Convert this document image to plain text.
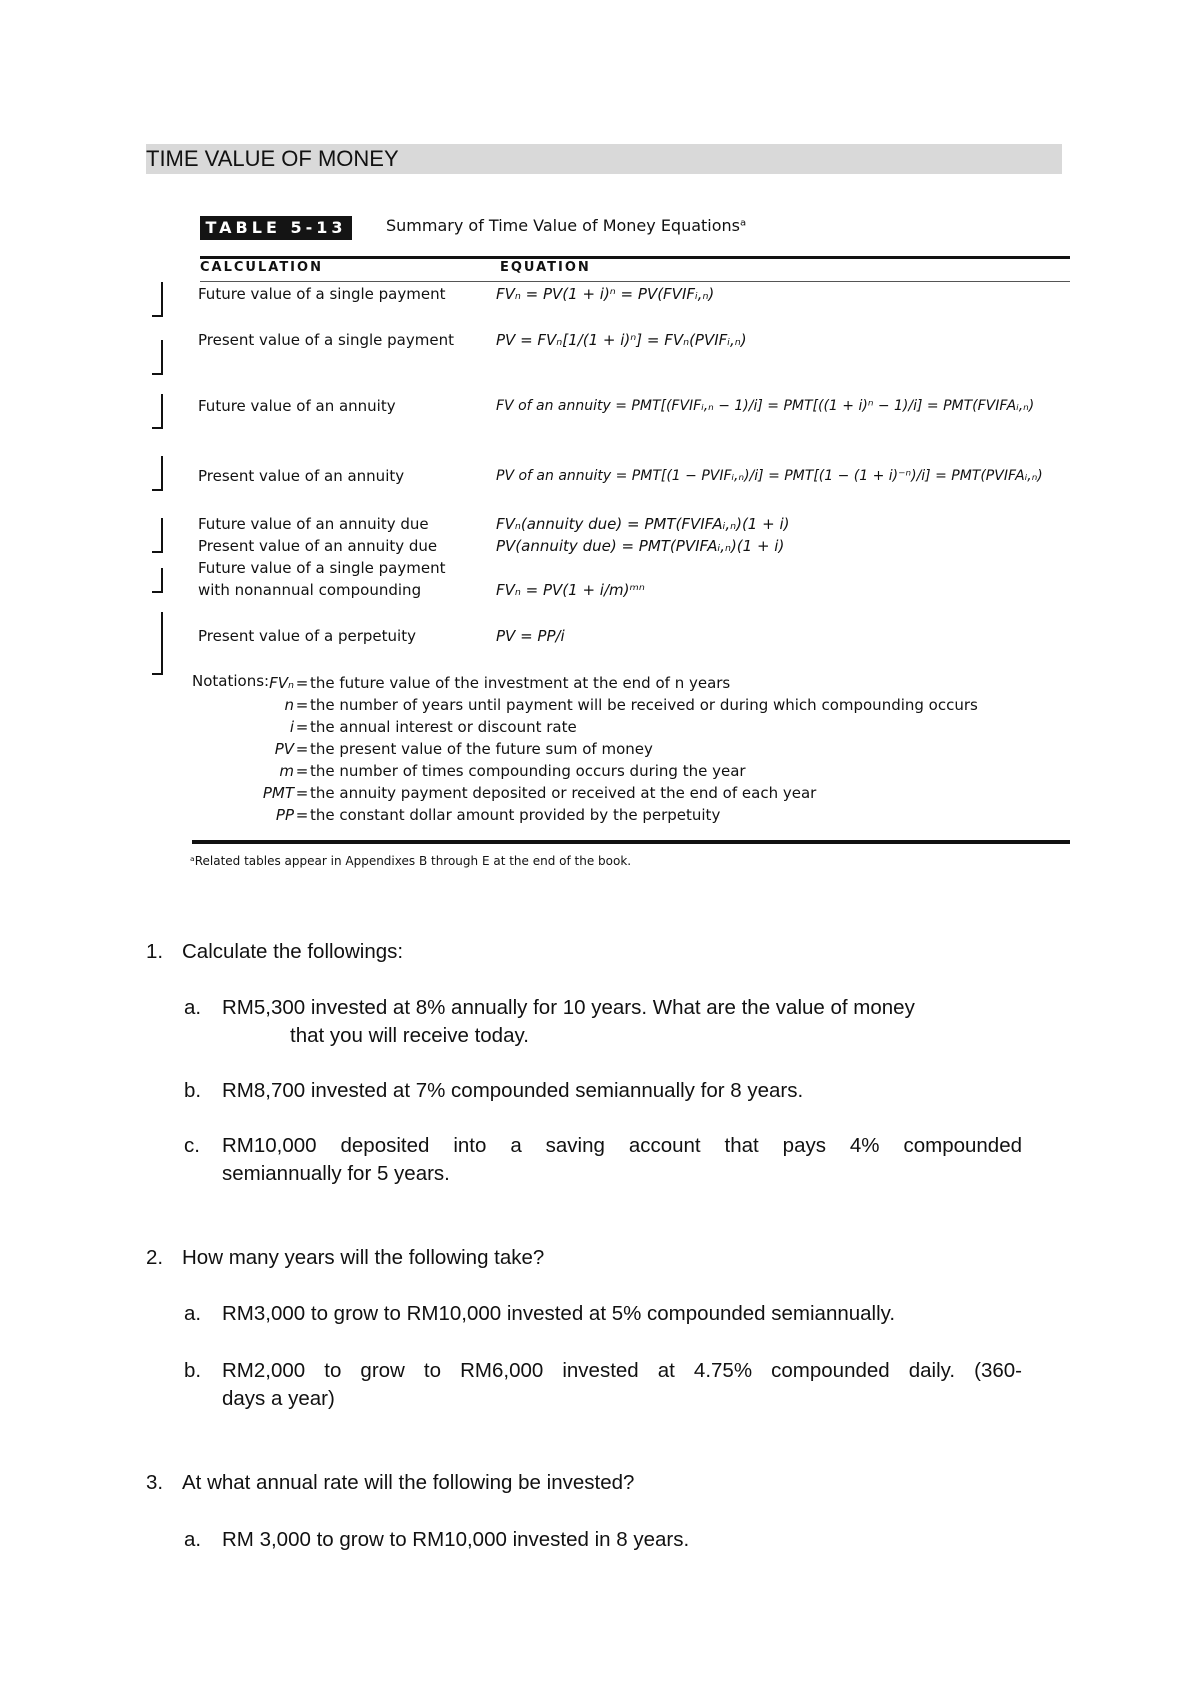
TIME VALUE OF MONEY
TABLE 5-13	Summary of Time Value of Money Equationsᵃ
CALCULATION	EQUATION
Future value of a single payment	FVₙ = PV(1 + i)ⁿ = PV(FVIFᵢ,ₙ)
Present value of a single payment	PV = FVₙ[1/(1 + i)ⁿ] = FVₙ(PVIFᵢ,ₙ)
Future value of an annuity	FV of an annuity = PMT[(FVIFᵢ,ₙ − 1)/i] = PMT[((1 + i)ⁿ − 1)/i] = PMT(FVIFAᵢ,ₙ)
Present value of an annuity	PV of an annuity = PMT[(1 − PVIFᵢ,ₙ)/i] = PMT[(1 − (1 + i)⁻ⁿ)/i] = PMT(PVIFAᵢ,ₙ)
Future value of an annuity due	FVₙ(annuity due) = PMT(FVIFAᵢ,ₙ)(1 + i)
Present value of an annuity due	PV(annuity due) = PMT(PVIFAᵢ,ₙ)(1 + i)
Future value of a single payment
with nonannual compounding	FVₙ = PV(1 + i/m)ᵐⁿ
Present value of a perpetuity	PV = PP/i
Notations: FVₙ = the future value of the investment at the end of n years
n = the number of years until payment will be received or during which compounding occurs
i = the annual interest or discount rate
PV = the present value of the future sum of money
m = the number of times compounding occurs during the year
PMT = the annuity payment deposited or received at the end of each year
PP = the constant dollar amount provided by the perpetuity
ᵃRelated tables appear in Appendixes B through E at the end of the book.
1. Calculate the followings:
a. RM5,300 invested at 8% annually for 10 years. What are the value of money
that you will receive today.
b. RM8,700 invested at 7% compounded semiannually for 8 years.
c. RM10,000 deposited into a saving account that pays 4% compounded
semiannually for 5 years.
2. How many years will the following take?
a. RM3,000 to grow to RM10,000 invested at 5% compounded semiannually.
b. RM2,000 to grow to RM6,000 invested at 4.75% compounded daily. (360-
days a year)
3. At what annual rate will the following be invested?
a. RM 3,000 to grow to RM10,000 invested in 8 years.
